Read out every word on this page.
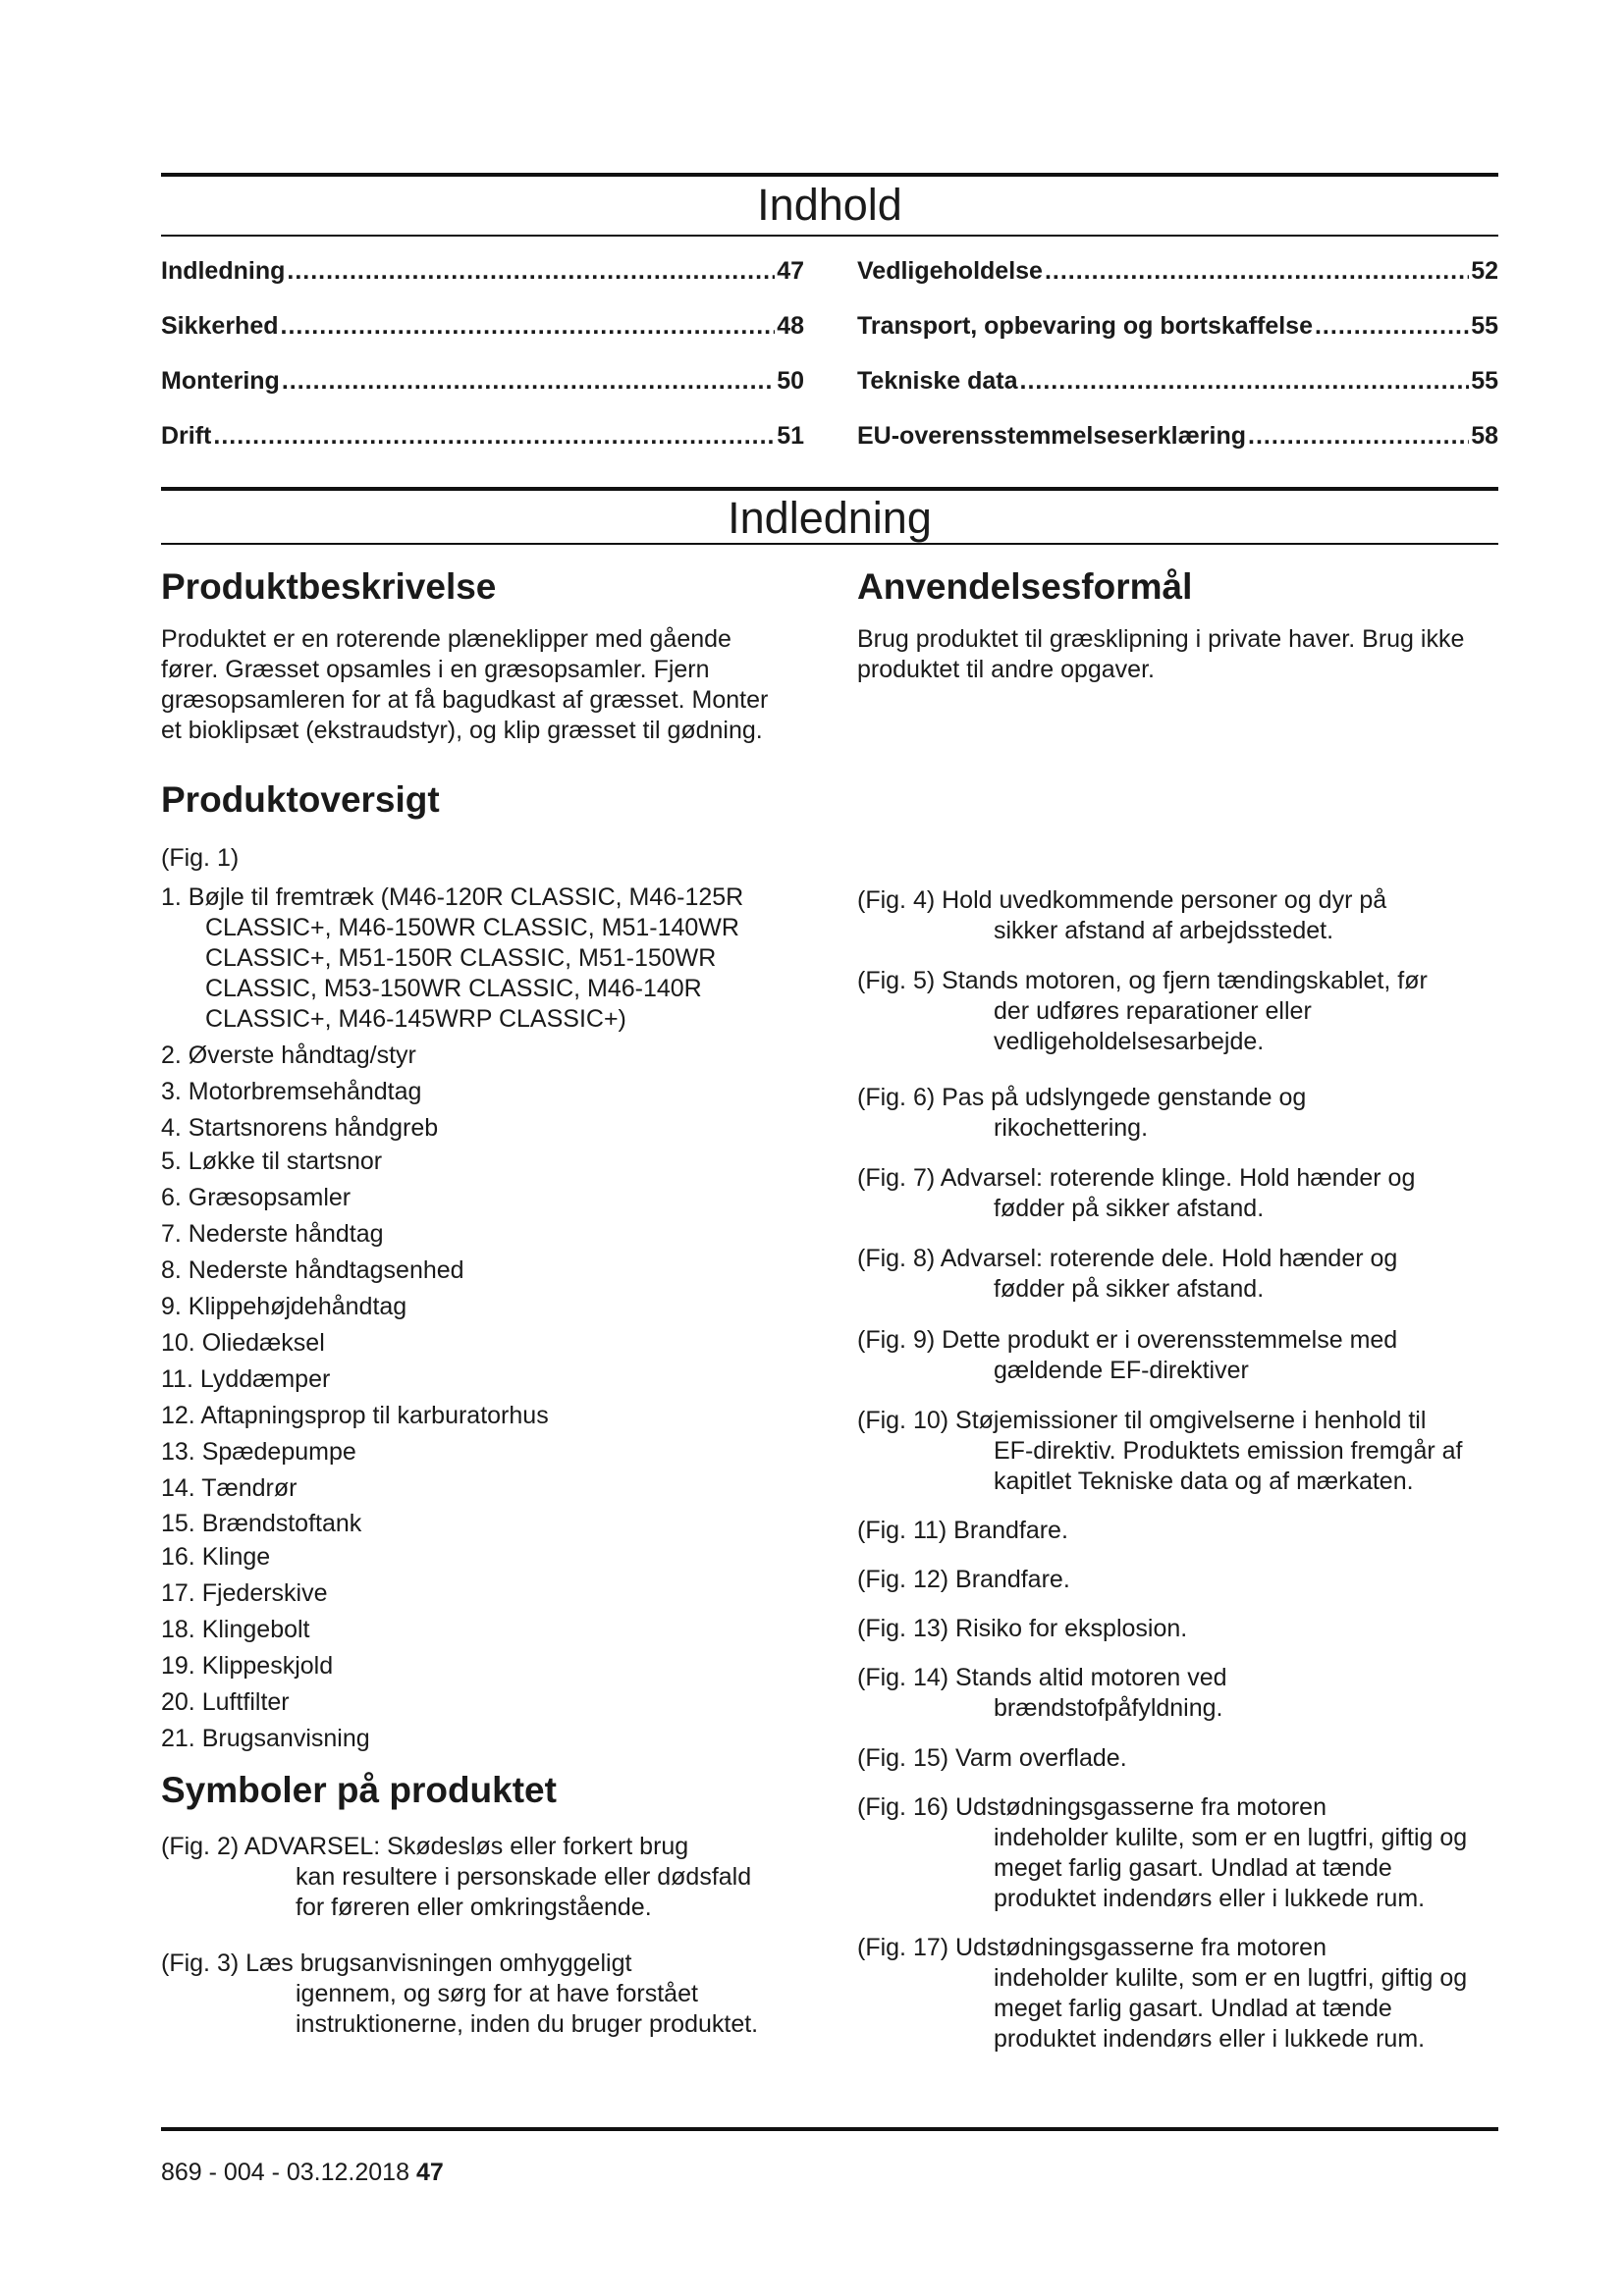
Indhold
Indledning .....	47
Sikkerhed .....	48
Montering .....	50
Drift .....	51
Vedligeholdelse .....	52
Transport, opbevaring og bortskaffelse .....	55
Tekniske data .....	55
EU-overensstemmelseserklæring .....	58
Indledning
Produktbeskrivelse

Produktet er en roterende plæneklipper med gående

fører. Græsset opsamles i en græsopsamler. Fjern

græsopsamleren for at få bagudkast af græsset. Monter

et bioklipsæt (ekstraudstyr), og klip græsset til gødning.

Anvendelsesformål

Brug produktet til græsklipning i private haver. Brug ikke

produktet til andre opgaver.

Produktoversigt

(Fig. 1)

1. Bøjle til fremtræk (M46-120R CLASSIC, M46-125R

CLASSIC+, M46-150WR CLASSIC, M51-140WR

CLASSIC+, M51-150R CLASSIC, M51-150WR

CLASSIC, M53-150WR CLASSIC, M46-140R

CLASSIC+, M46-145WRP CLASSIC+)

2. Øverste håndtag/styr

3. Motorbremsehåndtag

4. Startsnorens håndgreb

5. Løkke til startsnor

6. Græsopsamler

7. Nederste håndtag

8. Nederste håndtagsenhed

9. Klippehøjdehåndtag

10. Oliedæksel

11. Lyddæmper

12. Aftapningsprop til karburatorhus

13. Spædepumpe

14. Tændrør

15. Brændstoftank

16. Klinge

17. Fjederskive

18. Klingebolt

19. Klippeskjold

20. Luftfilter

21. Brugsanvisning

Symboler på produktet
(Fig. 2) ADVARSEL: Skødesløs eller forkert brug
kan resultere i personskade eller dødsfald
for føreren eller omkringstående.
(Fig. 3) Læs brugsanvisningen omhyggeligt
igennem, og sørg for at have forstået
instruktionerne, inden du bruger produktet.
(Fig. 4) Hold uvedkommende personer og dyr på
sikker afstand af arbejdsstedet.
(Fig. 5) Stands motoren, og fjern tændingskablet, før
der udføres reparationer eller
vedligeholdelsesarbejde.
(Fig. 6) Pas på udslyngede genstande og
rikochettering.
(Fig. 7) Advarsel: roterende klinge. Hold hænder og
fødder på sikker afstand.
(Fig. 8) Advarsel: roterende dele. Hold hænder og
fødder på sikker afstand.
(Fig. 9) Dette produkt er i overensstemmelse med
gældende EF-direktiver
(Fig. 10) Støjemissioner til omgivelserne i henhold til
EF-direktiv. Produktets emission fremgår af
kapitlet Tekniske data og af mærkaten.
(Fig. 11) Brandfare.
(Fig. 12) Brandfare.
(Fig. 13) Risiko for eksplosion.
(Fig. 14) Stands altid motoren ved
brændstofpåfyldning.
(Fig. 15) Varm overflade.
(Fig. 16) Udstødningsgasserne fra motoren
indeholder kulilte, som er en lugtfri, giftig og
meget farlig gasart. Undlad at tænde
produktet indendørs eller i lukkede rum.
(Fig. 17) Udstødningsgasserne fra motoren
indeholder kulilte, som er en lugtfri, giftig og
meget farlig gasart. Undlad at tænde
produktet indendørs eller i lukkede rum.
869 - 004 - 03.12.2018 47
